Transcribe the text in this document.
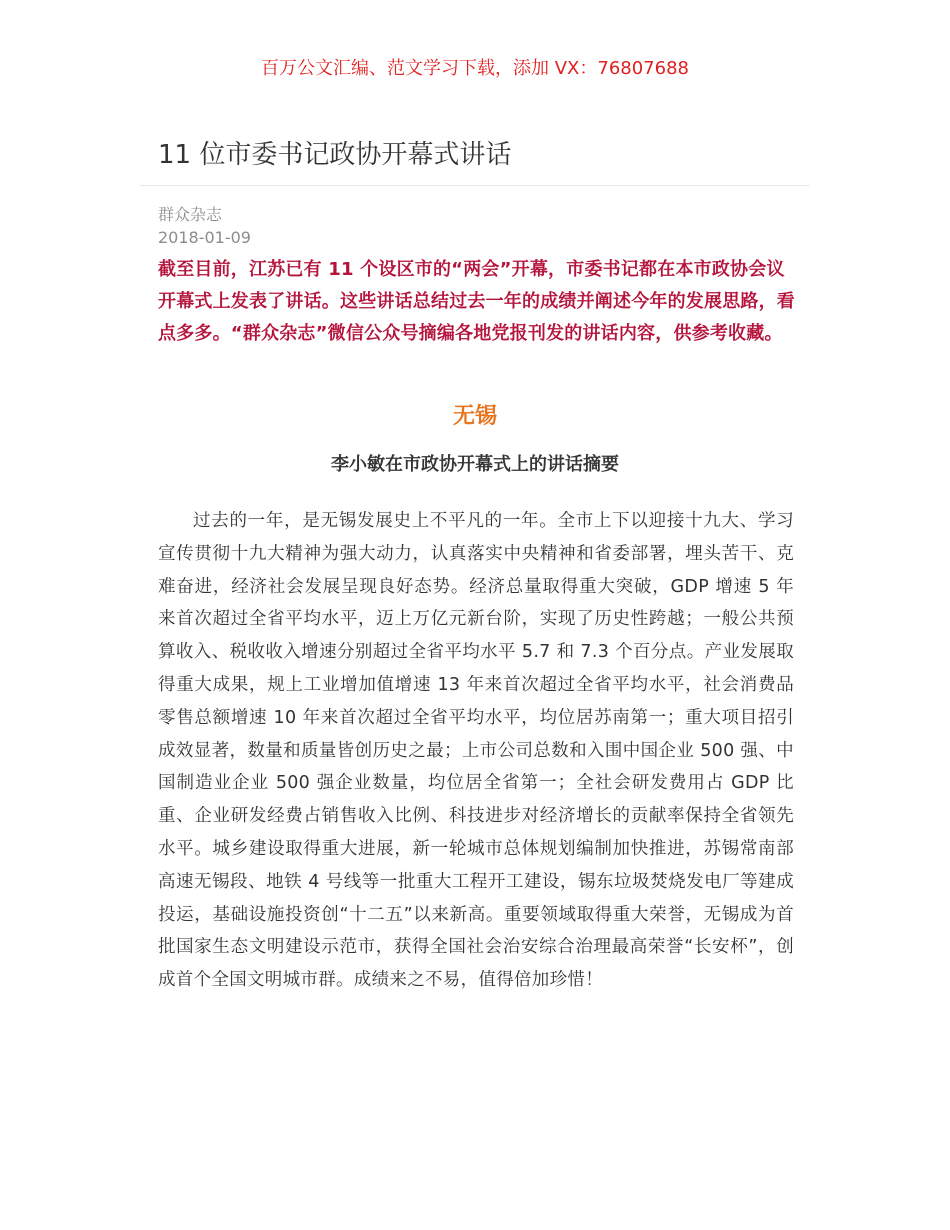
百万公文汇编、范文学习下载，添加 VX：76807688
11 位市委书记政协开幕式讲话
群众杂志
2018-01-09

截至目前，江苏已有 11 个设区市的“两会”开幕，市委书记都在本市政协会议开幕式上发表了讲话。这些讲话总结过去一年的成绩并阐述今年的发展思路，看点多多。“群众杂志”微信公众号摘编各地党报刊发的讲话内容，供参考收藏。

无锡
李小敏在市政协开幕式上的讲话摘要

过去的一年，是无锡发展史上不平凡的一年。全市上下以迎接十九大、学习宣传贯彻十九大精神为强大动力，认真落实中央精神和省委部署，埋头苦干、克难奋进，经济社会发展呈现良好态势。经济总量取得重大突破，GDP 增速 5 年来首次超过全省平均水平，迈上万亿元新台阶，实现了历史性跨越；一般公共预算收入、税收收入增速分别超过全省平均水平 5.7 和 7.3 个百分点。产业发展取得重大成果，规上工业增加值增速 13 年来首次超过全省平均水平，社会消费品零售总额增速 10 年来首次超过全省平均水平，均位居苏南第一；重大项目招引成效显著，数量和质量皆创历史之最；上市公司总数和入围中国企业 500 强、中国制造业企业 500 强企业数量，均位居全省第一；全社会研发费用占 GDP 比重、企业研发经费占销售收入比例、科技进步对经济增长的贡献率保持全省领先水平。城乡建设取得重大进展，新一轮城市总体规划编制加快推进，苏锡常南部高速无锡段、地铁 4 号线等一批重大工程开工建设，锡东垃圾焚烧发电厂等建成投运，基础设施投资创“十二五”以来新高。重要领域取得重大荣誉，无锡成为首批国家生态文明建设示范市，获得全国社会治安综合治理最高荣誉“长安杯”，创成首个全国文明城市群。成绩来之不易，值得倍加珍惜！
